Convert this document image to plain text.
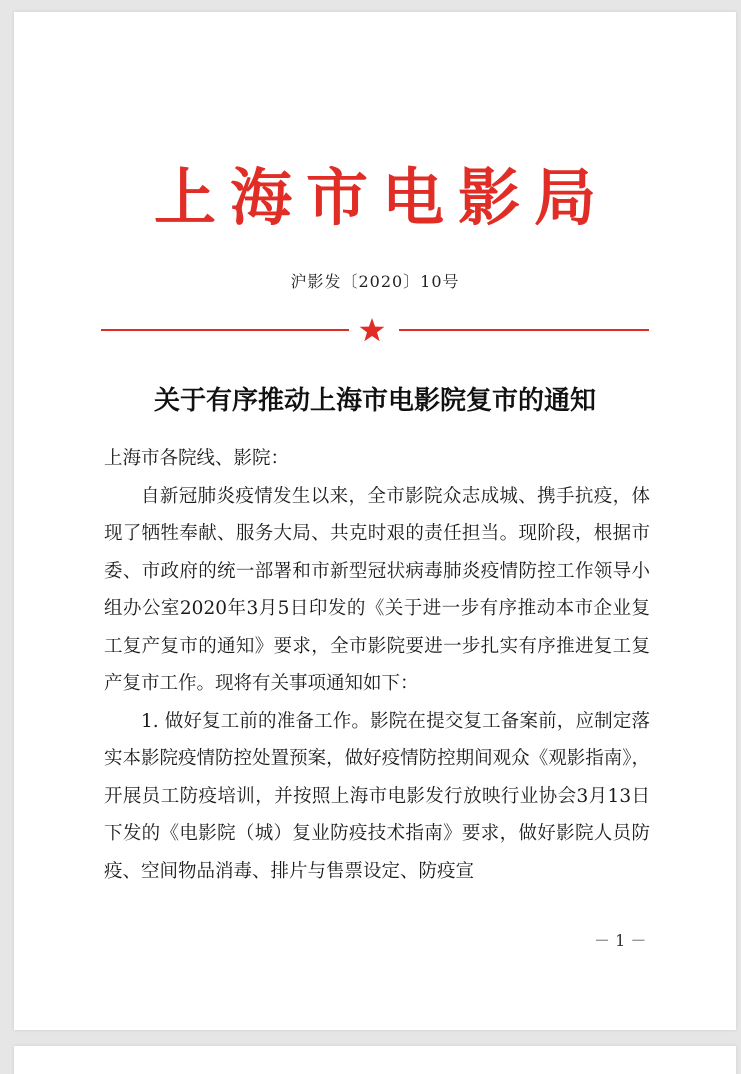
上海市电影局
沪影发〔2020〕10号
关于有序推动上海市电影院复市的通知

上海市各院线、影院：

自新冠肺炎疫情发生以来，全市影院众志成城、携手抗疫，体现了牺牲奉献、服务大局、共克时艰的责任担当。现阶段，根据市委、市政府的统一部署和市新型冠状病毒肺炎疫情防控工作领导小组办公室2020年3月5日印发的《关于进一步有序推动本市企业复工复产复市的通知》要求，全市影院要进一步扎实有序推进复工复产复市工作。现将有关事项通知如下：

1. 做好复工前的准备工作。影院在提交复工备案前，应制定落实本影院疫情防控处置预案，做好疫情防控期间观众《观影指南》，开展员工防疫培训，并按照上海市电影发行放映行业协会3月13日下发的《电影院（城）复业防疫技术指南》要求，做好影院人员防疫、空间物品消毒、排片与售票设定、防疫宣

－ 1 －
